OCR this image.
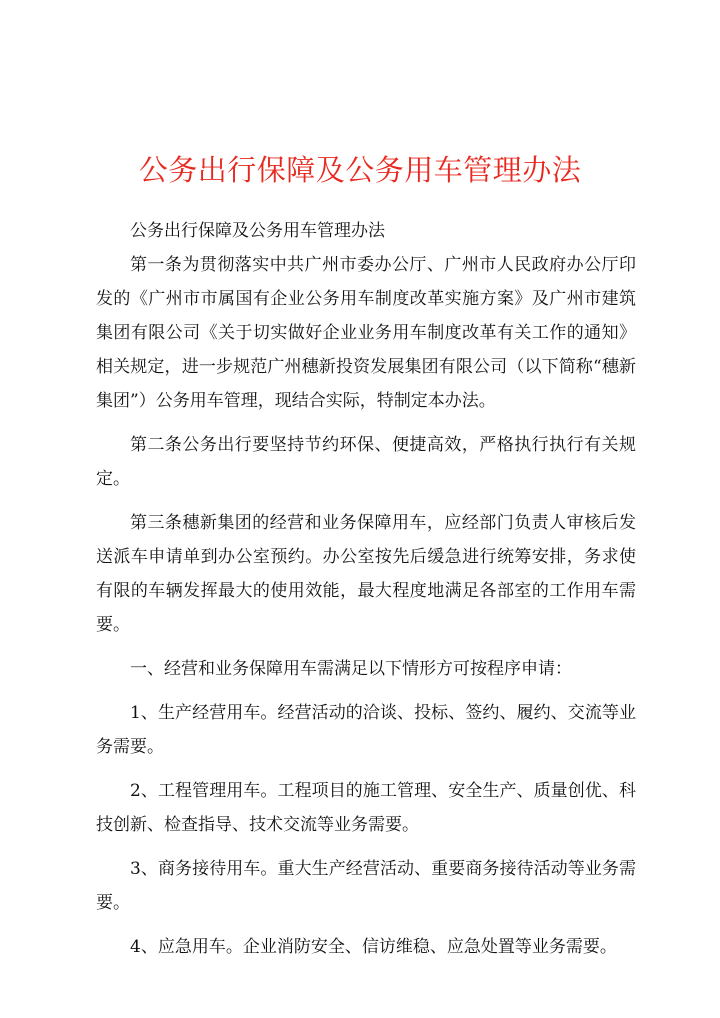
公务出行保障及公务用车管理办法

公务出行保障及公务用车管理办法

第一条为贯彻落实中共广州市委办公厅、广州市人民政府办公厅印发的《广州市市属国有企业公务用车制度改革实施方案》及广州市建筑集团有限公司《关于切实做好企业业务用车制度改革有关工作的通知》相关规定，进一步规范广州穗新投资发展集团有限公司（以下简称“穗新集团”）公务用车管理，现结合实际，特制定本办法。

第二条公务出行要坚持节约环保、便捷高效，严格执行执行有关规定。

第三条穗新集团的经营和业务保障用车，应经部门负责人审核后发送派车申请单到办公室预约。办公室按先后缓急进行统筹安排，务求使有限的车辆发挥最大的使用效能，最大程度地满足各部室的工作用车需要。

一、经营和业务保障用车需满足以下情形方可按程序申请：

1、生产经营用车。经营活动的洽谈、投标、签约、履约、交流等业务需要。

2、工程管理用车。工程项目的施工管理、安全生产、质量创优、科技创新、检查指导、技术交流等业务需要。

3、商务接待用车。重大生产经营活动、重要商务接待活动等业务需要。

4、应急用车。企业消防安全、信访维稳、应急处置等业务需要。
